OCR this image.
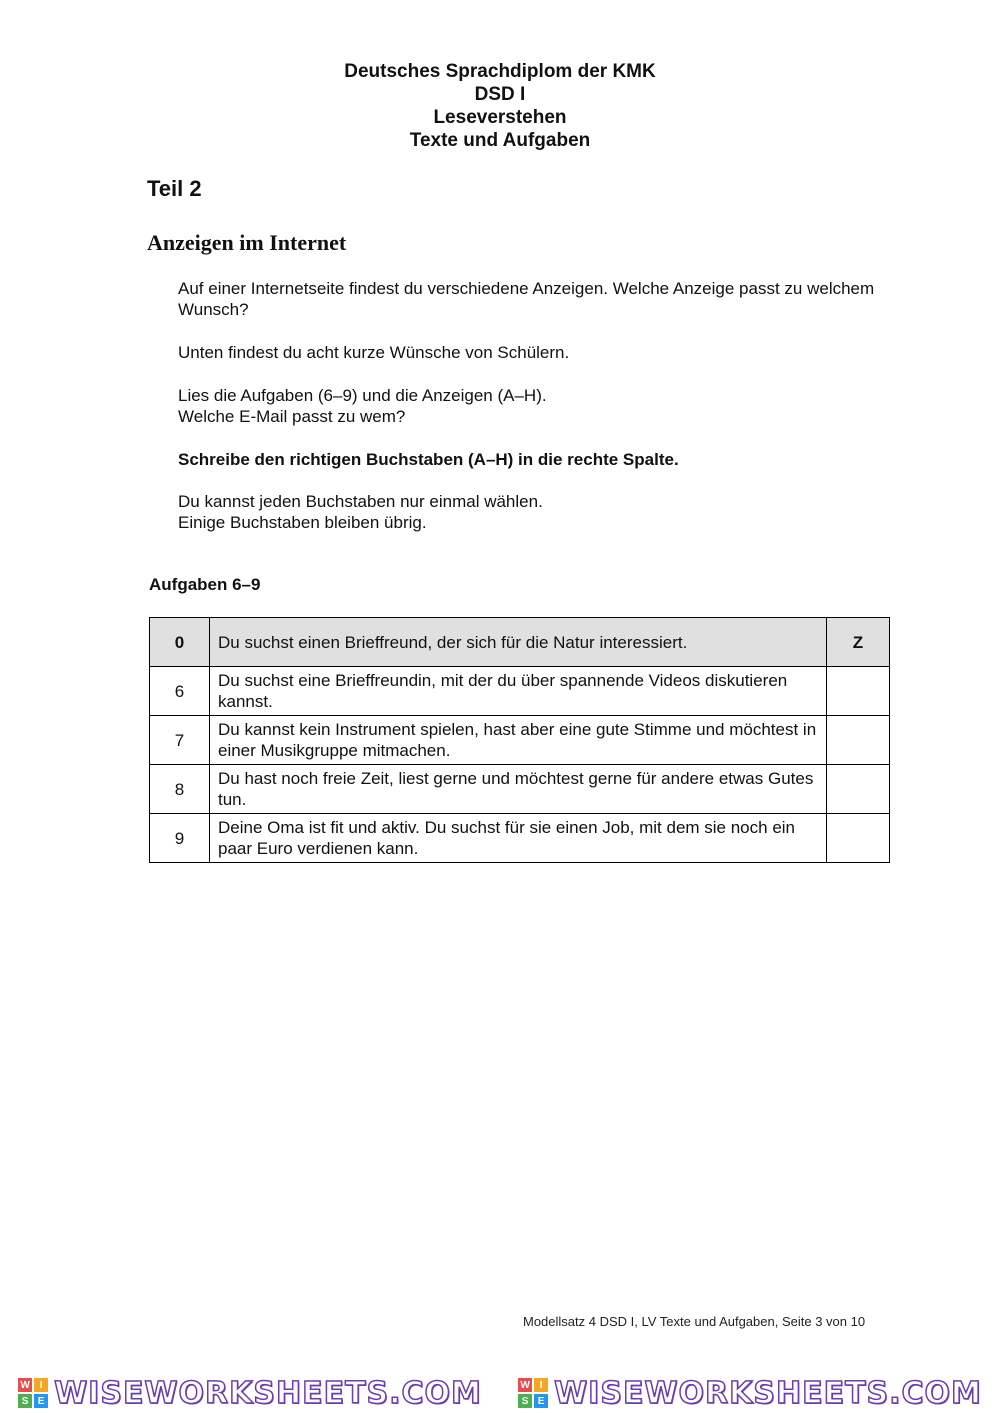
Deutsches Sprachdiplom der KMK
DSD I
Leseverstehen
Texte und Aufgaben
Teil 2
Anzeigen im Internet
Auf einer Internetseite findest du verschiedene Anzeigen. Welche Anzeige passt zu welchem Wunsch?
Unten findest du acht kurze Wünsche von Schülern.
Lies die Aufgaben (6–9) und die Anzeigen (A–H).
Welche E-Mail passt zu wem?
Schreibe den richtigen Buchstaben (A–H) in die rechte Spalte.
Du kannst jeden Buchstaben nur einmal wählen.
Einige Buchstaben bleiben übrig.
Aufgaben 6–9
0	Du suchst einen Brieffreund, der sich für die Natur interessiert.	Z
6	Du suchst eine Brieffreundin, mit der du über spannende Videos diskutieren kannst.	
7	Du kannst kein Instrument spielen, hast aber eine gute Stimme und möchtest in einer Musikgruppe mitmachen.	
8	Du hast noch freie Zeit, liest gerne und möchtest gerne für andere etwas Gutes tun.	
9	Deine Oma ist fit und aktiv. Du suchst für sie einen Job, mit dem sie noch ein paar Euro verdienen kann.	
Modellsatz 4 DSD I, LV Texte und Aufgaben, Seite 3 von 10
W I
S E WISEWORKSHEETS.COM	W I
S E WISEWORKSHEETS.COM
